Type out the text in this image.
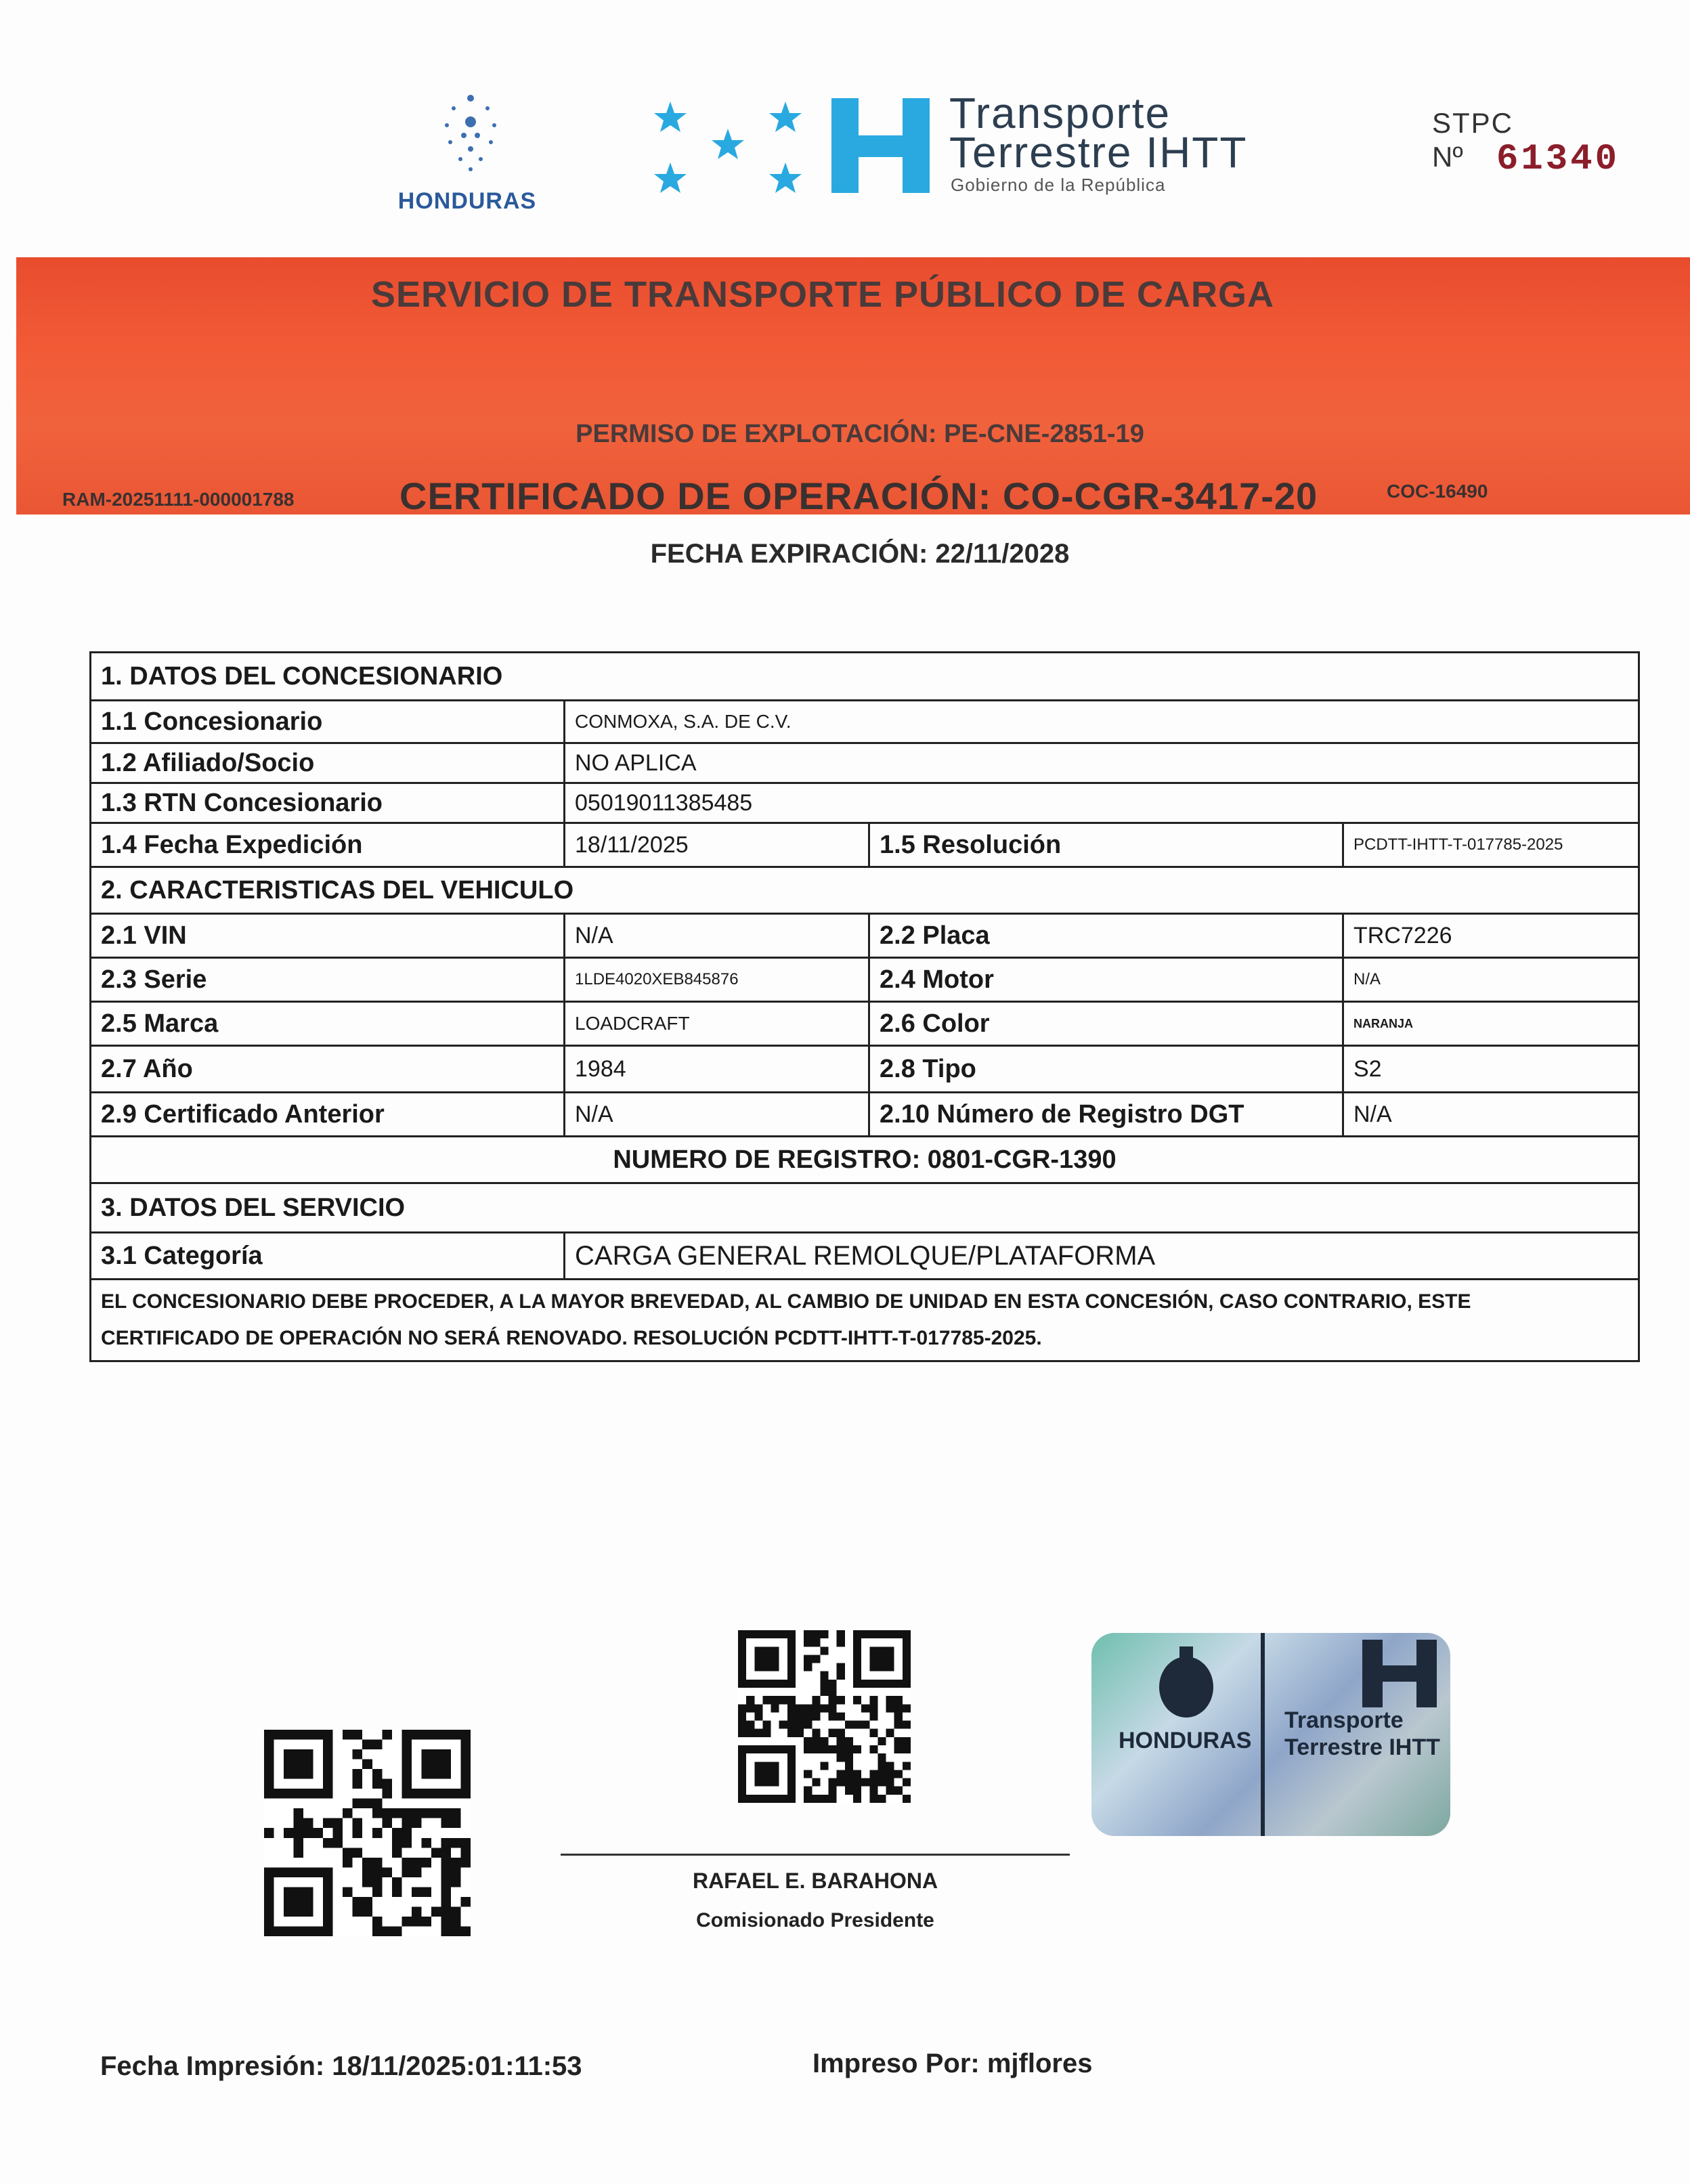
HONDURAS
Transporte
Terrestre IHTT
Gobierno de la República
STPC
Nº 61340
SERVICIO DE TRANSPORTE PÚBLICO DE CARGA
PERMISO DE EXPLOTACIÓN: PE-CNE-2851-19
RAM-20251111-000001788	CERTIFICADO DE OPERACIÓN: CO-CGR-3417-20	COC-16490
FECHA EXPIRACIÓN: 22/11/2028
1. DATOS DEL CONCESIONARIO
1.1 Concesionario	CONMOXA, S.A. DE C.V.
1.2 Afiliado/Socio	NO APLICA
1.3 RTN Concesionario	05019011385485
1.4 Fecha Expedición	18/11/2025	1.5 Resolución	PCDTT-IHTT-T-017785-2025
2. CARACTERISTICAS DEL VEHICULO
2.1 VIN	N/A	2.2 Placa	TRC7226
2.3 Serie	1LDE4020XEB845876	2.4 Motor	N/A
2.5 Marca	LOADCRAFT	2.6 Color	NARANJA
2.7 Año	1984	2.8 Tipo	S2
2.9 Certificado Anterior	N/A	2.10 Número de Registro DGT	N/A
NUMERO DE REGISTRO: 0801-CGR-1390
3. DATOS DEL SERVICIO
3.1 Categoría	CARGA GENERAL REMOLQUE/PLATAFORMA
EL CONCESIONARIO DEBE PROCEDER, A LA MAYOR BREVEDAD, AL CAMBIO DE UNIDAD EN ESTA CONCESIÓN, CASO CONTRARIO, ESTE
CERTIFICADO DE OPERACIÓN NO SERÁ RENOVADO. RESOLUCIÓN PCDTT-IHTT-T-017785-2025.
HONDURAS
Transporte
Terrestre IHTT
RAFAEL E. BARAHONA
Comisionado Presidente
Fecha Impresión: 18/11/2025:01:11:53	Impreso Por: mjflores
